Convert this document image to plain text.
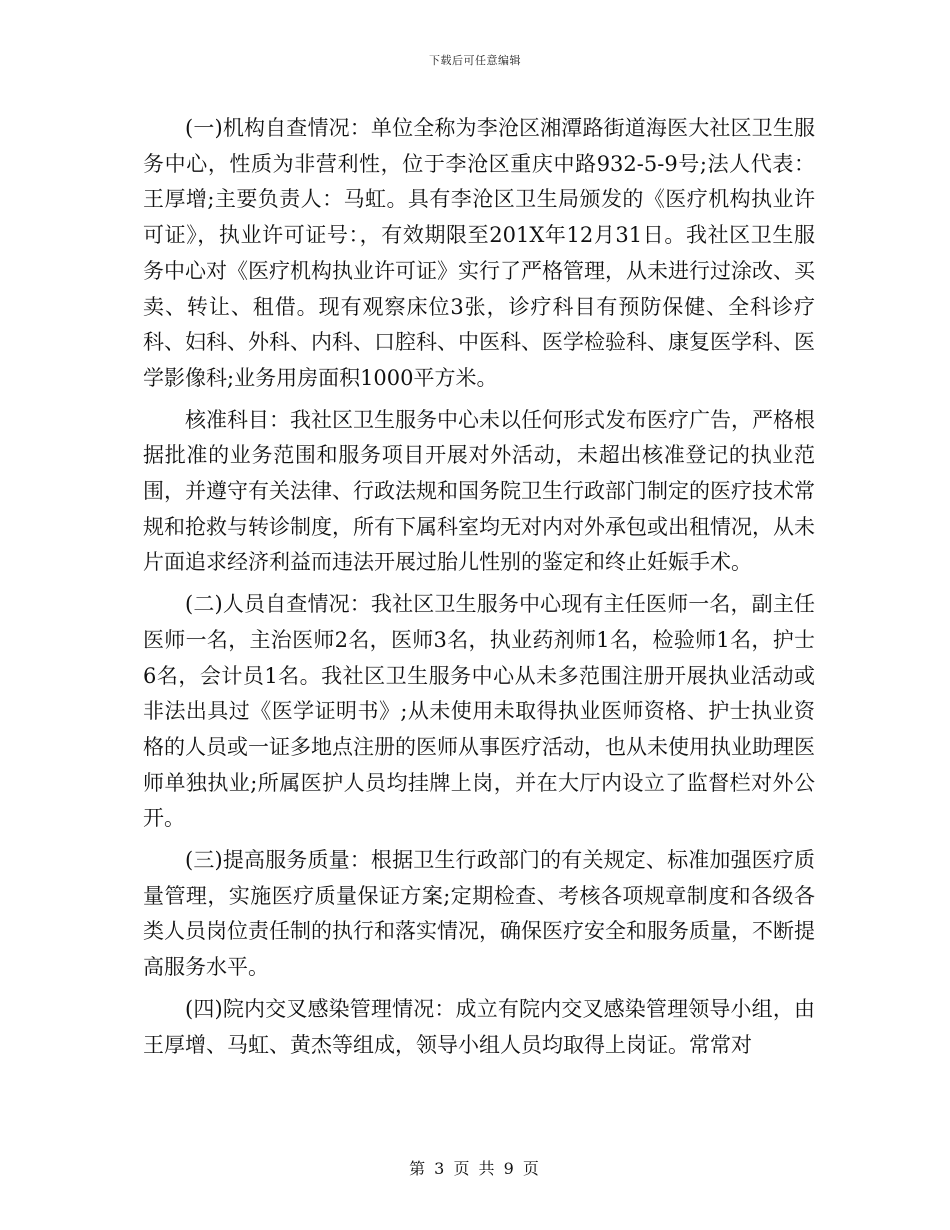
下载后可任意编辑

(一)机构自查情况：单位全称为李沧区湘潭路街道海医大社区卫生服务中心，性质为非营利性，位于李沧区重庆中路932-5-9号;法人代表：王厚增;主要负责人：马虹。具有李沧区卫生局颁发的《医疗机构执业许可证》，执业许可证号：，有效期限至201X年12月31日。我社区卫生服务中心对《医疗机构执业许可证》实行了严格管理，从未进行过涂改、买卖、转让、租借。现有观察床位3张，诊疗科目有预防保健、全科诊疗科、妇科、外科、内科、口腔科、中医科、医学检验科、康复医学科、医学影像科;业务用房面积1000平方米。

核准科目：我社区卫生服务中心未以任何形式发布医疗广告，严格根据批准的业务范围和服务项目开展对外活动，未超出核准登记的执业范围，并遵守有关法律、行政法规和国务院卫生行政部门制定的医疗技术常规和抢救与转诊制度，所有下属科室均无对内对外承包或出租情况，从未片面追求经济利益而违法开展过胎儿性别的鉴定和终止妊娠手术。

(二)人员自查情况：我社区卫生服务中心现有主任医师一名，副主任医师一名，主治医师2名，医师3名，执业药剂师1名，检验师1名，护士6名，会计员1名。我社区卫生服务中心从未多范围注册开展执业活动或非法出具过《医学证明书》;从未使用未取得执业医师资格、护士执业资格的人员或一证多地点注册的医师从事医疗活动，也从未使用执业助理医师单独执业;所属医护人员均挂牌上岗，并在大厅内设立了监督栏对外公开。

(三)提高服务质量：根据卫生行政部门的有关规定、标准加强医疗质量管理，实施医疗质量保证方案;定期检查、考核各项规章制度和各级各类人员岗位责任制的执行和落实情况，确保医疗安全和服务质量，不断提高服务水平。

(四)院内交叉感染管理情况：成立有院内交叉感染管理领导小组，由王厚增、马虹、黄杰等组成，领导小组人员均取得上岗证。常常对

第 3 页 共 9 页
